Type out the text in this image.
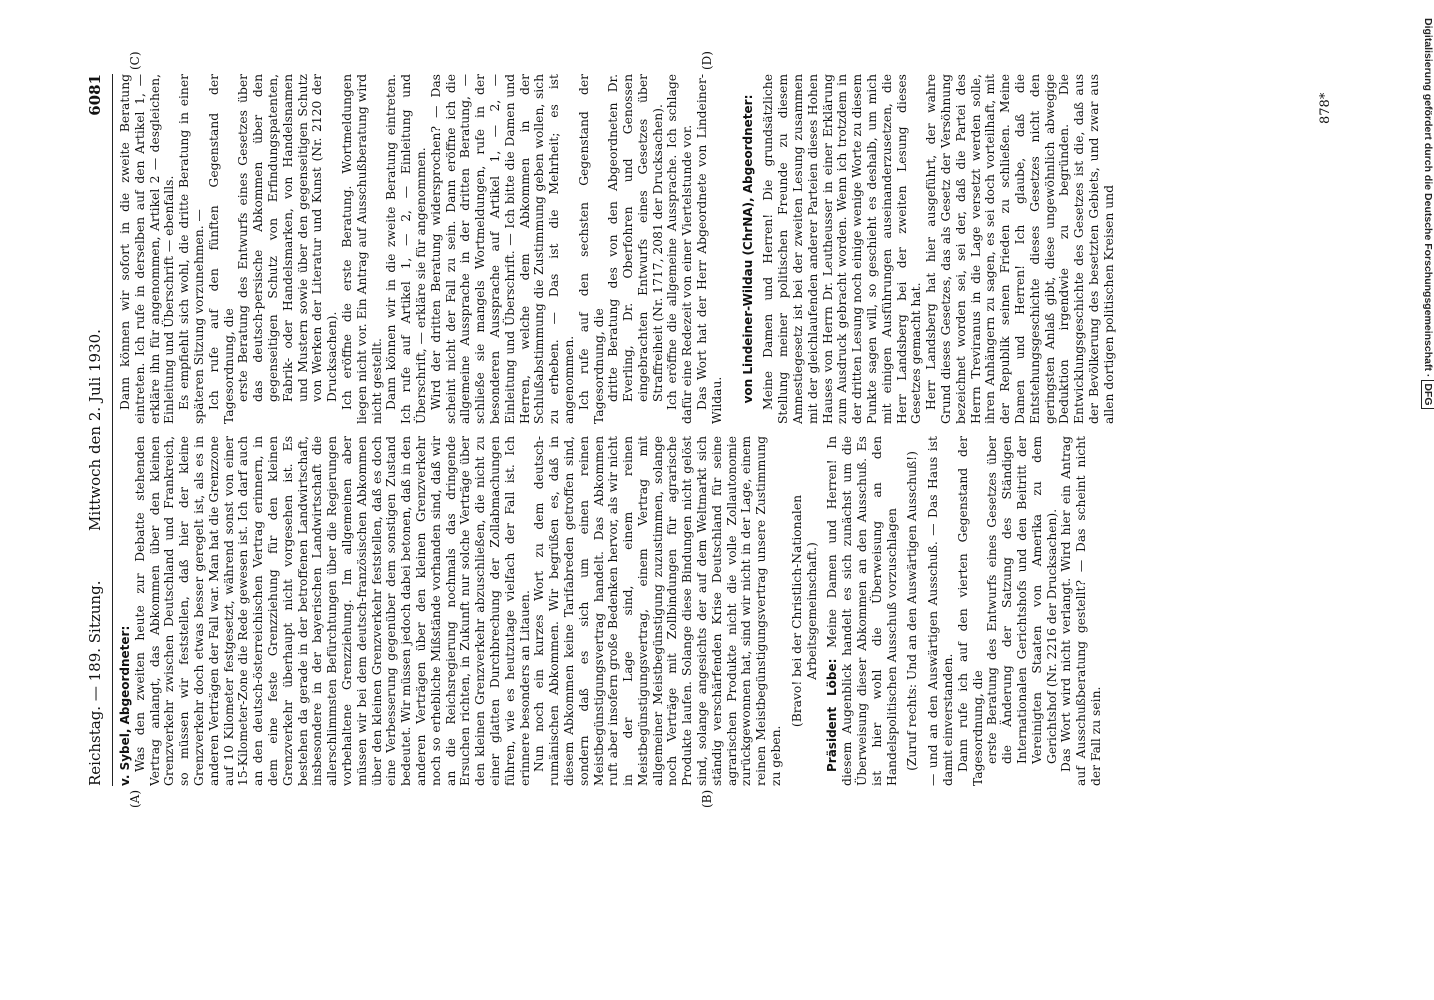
Reichstag. — 189. Sitzung.
Mittwoch den 2. Juli 1930.
6081
(A)	(B)
(C)	(D)

v. Sybel, Abgeordneter: Was den zweiten heute zur Debatte stehenden Vertrag anlangt, das Abkommen über den kleinen Grenzverkehr zwischen Deutschland und Frankreich, so müssen wir feststellen, daß hier der kleine Grenzverkehr doch etwas besser geregelt ist, als es in anderen Verträgen der Fall war. Man hat die Grenzzone auf 10 Kilometer festgesetzt, während sonst von einer 15-Kilometer-Zone die Rede gewesen ist. Ich darf auch an den deutsch-österreichischen Vertrag erinnern, in dem eine feste Grenzziehung für den kleinen Grenzverkehr überhaupt nicht vorgesehen ist. Es bestehen da gerade in der betroffenen Landwirtschaft, insbesondere in der bayerischen Landwirtschaft die allerschlimmsten Befürchtungen über die Regierungen vorbehaltene Grenzziehung. Im allgemeinen aber müssen wir bei dem deutsch-französischen Abkommen über den kleinen Grenzverkehr feststellen, daß es doch eine Verbesserung gegenüber dem sonstigen Zustand bedeutet. Wir müssen jedoch dabei betonen, daß in den anderen Verträgen über den kleinen Grenzverkehr noch so erhebliche Mißstände vorhanden sind, daß wir an die Reichsregierung nochmals das dringende Ersuchen richten, in Zukunft nur solche Verträge über den kleinen Grenzverkehr abzuschließen, die nicht zu einer glatten Durchbrechung der Zollabmachungen führen, wie es heutzutage vielfach der Fall ist. Ich erinnere besonders an Litauen. Nun noch ein kurzes Wort zu dem deutsch-rumänischen Abkommen. Wir begrüßen es, daß in diesem Abkommen keine Tarifabreden getroffen sind, sondern daß es sich um einen reinen Meistbegünstigungsvertrag handelt. Das Abkommen ruft aber insofern große Bedenken hervor, als wir nicht in der Lage sind, einem reinen Meistbegünstigungsvertrag, einem Vertrag mit allgemeiner Meistbegünstigung zuzustimmen, solange noch Verträge mit Zollbindungen für agrarische Produkte laufen. Solange diese Bindungen nicht gelöst sind, solange angesichts der auf dem Weltmarkt sich ständig verschärfenden Krise Deutschland für seine agrarischen Produkte nicht die volle Zollautonomie zurückgewonnen hat, sind wir nicht in der Lage, einem reinen Meistbegünstigungsvertrag unsere Zustimmung zu geben.

(Bravo! bei der Christlich-Nationalen Arbeitsgemeinschaft.)

Präsident Löbe: Meine Damen und Herren! In diesem Augenblick handelt es sich zunächst um die Überweisung dieser Abkommen an den Ausschuß. Es ist hier wohl die Überweisung an den Handelspolitischen Ausschuß vorzuschlagen (Zuruf rechts: Und an den Auswärtigen Ausschuß!) — und an den Auswärtigen Ausschuß. — Das Haus ist damit einverstanden. Dann rufe ich auf den vierten Gegenstand der Tagesordnung, die erste Beratung des Entwurfs eines Gesetzes über die Änderung der Satzung des Ständigen Internationalen Gerichtshofs und den Beitritt der Vereinigten Staaten von Amerika zu dem Gerichtshof (Nr. 2216 der Drucksachen). Das Wort wird nicht verlangt. Wird hier ein Antrag auf Ausschußberatung gestellt? — Das scheint nicht der Fall zu sein.

Dann können wir sofort in die zweite Beratung eintreten. Ich rufe in derselben auf den Artikel 1, — erkläre ihn für angenommen, Artikel 2 — desgleichen, Einleitung und Überschrift — ebenfalls. Es empfiehlt sich wohl, die dritte Beratung in einer späteren Sitzung vorzunehmen. — Ich rufe auf den fünften Gegenstand der Tagesordnung, die erste Beratung des Entwurfs eines Gesetzes über das deutsch-persische Abkommen über den gegenseitigen Schutz von Erfindungspatenten, Fabrik- oder Handelsmarken, von Handelsnamen und Mustern sowie über den gegenseitigen Schutz von Werken der Literatur und Kunst (Nr. 2120 der Drucksachen). Ich eröffne die erste Beratung. Wortmeldungen liegen nicht vor. Ein Antrag auf Ausschußberatung wird nicht gestellt. Dann können wir in die zweite Beratung eintreten. Ich rufe auf Artikel 1, — 2, — Einleitung und Überschrift, — erkläre sie für angenommen. Wird der dritten Beratung widersprochen? — Das scheint nicht der Fall zu sein. Dann eröffne ich die allgemeine Aussprache in der dritten Beratung, — schließe sie mangels Wortmeldungen, rufe in der besonderen Aussprache auf Artikel 1, — 2, — Einleitung und Überschrift. — Ich bitte die Damen und Herren, welche dem Abkommen in der Schlußabstimmung die Zustimmung geben wollen, sich zu erheben. — Das ist die Mehrheit; es ist angenommen. Ich rufe auf den sechsten Gegenstand der Tagesordnung, die dritte Beratung des von den Abgeordneten Dr. Everling, Dr. Oberfohren und Genossen eingebrachten Entwurfs eines Gesetzes über Straffreiheit (Nr. 1717, 2081 der Drucksachen). Ich eröffne die allgemeine Aussprache. Ich schlage dafür eine Redezeit von einer Viertelstunde vor. Das Wort hat der Herr Abgeordnete von Lindeiner-Wildau. von Lindeiner-Wildau (ChrNA), Abgeordneter: Meine Damen und Herren! Die grundsätzliche Stellung meiner politischen Freunde zu diesem Amnestiegesetz ist bei der zweiten Lesung zusammen mit der gleichlaufenden anderer Parteien dieses Hohen Hauses von Herrn Dr. Leutheusser in einer Erklärung zum Ausdruck gebracht worden. Wenn ich trotzdem in der dritten Lesung noch einige wenige Worte zu diesem Punkte sagen will, so geschieht es deshalb, um mich mit einigen Ausführungen auseinanderzusetzen, die Herr Landsberg bei der zweiten Lesung dieses Gesetzes gemacht hat. Herr Landsberg hat hier ausgeführt, der wahre Grund dieses Gesetzes, das als Gesetz der Versöhnung bezeichnet worden sei, sei der, daß die Partei des Herrn Treviranus in die Lage versetzt werden solle, ihren Anhängern zu sagen, es sei doch vorteilhaft, mit der Republik seinen Frieden zu schließen. Meine Damen und Herren! Ich glaube, daß die Entstehungsgeschichte dieses Gesetzes nicht den geringsten Anlaß gibt, diese ungewöhnlich abwegige Deduktion irgendwie zu begründen. Die Entwicklungsgeschichte des Gesetzes ist die, daß aus der Bevölkerung des besetzten Gebiets, und zwar aus allen dortigen politischen Kreisen und

878*	Digitalisierung gefördert durch die Deutsche Forschungsgemeinschaft · DFG
